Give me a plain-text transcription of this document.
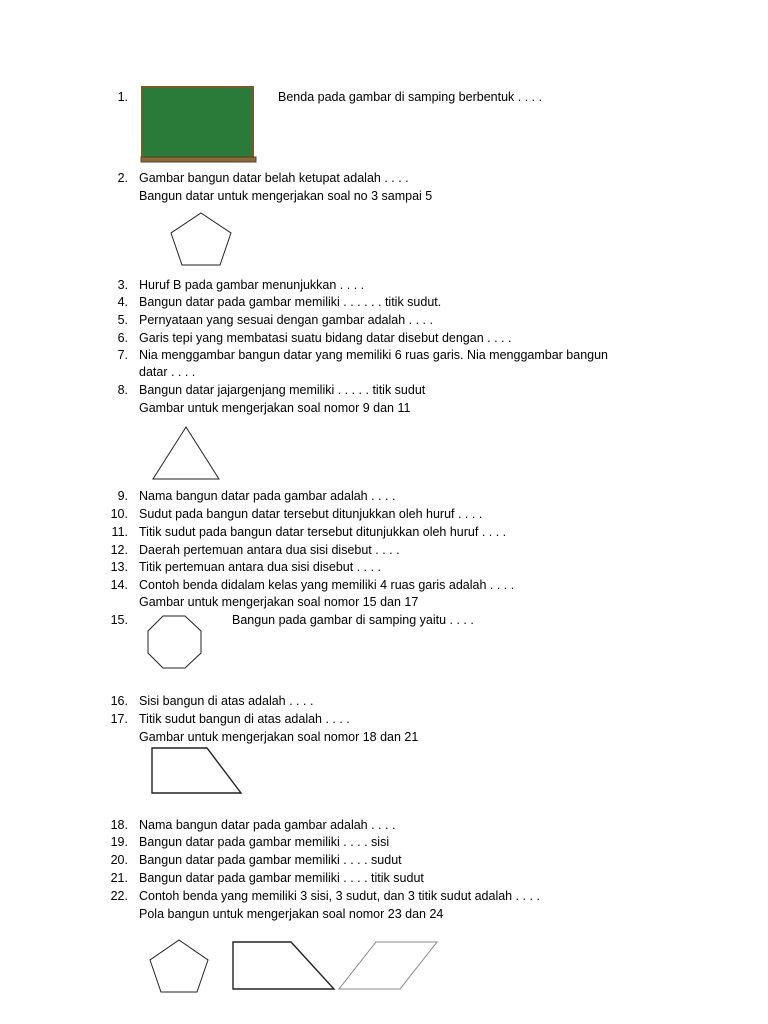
1.	Benda pada gambar di samping berbentuk . . . .
2. Gambar bangun datar belah ketupat adalah . . . .
Bangun datar untuk mengerjakan soal no 3 sampai 5
3. Huruf B pada gambar menunjukkan . . . .
4. Bangun datar pada gambar memiliki . . . . . . titik sudut.
5. Pernyataan yang sesuai dengan gambar adalah . . . .
6. Garis tepi yang membatasi suatu bidang datar disebut dengan . . . .
7. Nia menggambar bangun datar yang memiliki 6 ruas garis. Nia menggambar bangun
datar . . . .
8. Bangun datar jajargenjang memiliki . . . . . titik sudut
Gambar untuk mengerjakan soal nomor 9 dan 11
9. Nama bangun datar pada gambar adalah . . . .
10. Sudut pada bangun datar tersebut ditunjukkan oleh huruf . . . .
11. Titik sudut pada bangun datar tersebut ditunjukkan oleh huruf . . . .
12. Daerah pertemuan antara dua sisi disebut . . . .
13. Titik pertemuan antara dua sisi disebut . . . .
14. Contoh benda didalam kelas yang memiliki 4 ruas garis adalah . . . .
Gambar untuk mengerjakan soal nomor 15 dan 17
15.	Bangun pada gambar di samping yaitu . . . .
16. Sisi bangun di atas adalah . . . .
17. Titik sudut bangun di atas adalah . . . .
Gambar untuk mengerjakan soal nomor 18 dan 21
18. Nama bangun datar pada gambar adalah . . . .
19. Bangun datar pada gambar memiliki . . . . sisi
20. Bangun datar pada gambar memiliki . . . . sudut
21. Bangun datar pada gambar memiliki . . . . titik sudut
22. Contoh benda yang memiliki 3 sisi, 3 sudut, dan 3 titik sudut adalah . . . .
Pola bangun untuk mengerjakan soal nomor 23 dan 24
